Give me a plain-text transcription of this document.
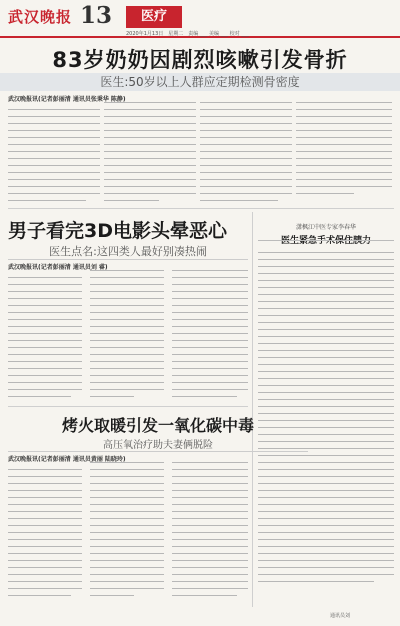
武汉晚报 13	医疗
2020年1月13日　星期二　责编 ___ 美编 ___ 校对 ___
83岁奶奶因剧烈咳嗽引发骨折
医生:50岁以上人群应定期检测骨密度
武汉晚报讯(记者彭丽清 通讯员张秉华 陈静)
男子看完3D电影头晕恶心
医生点名:这四类人最好别凑热闹
武汉晚报讯(记者彭丽清 通讯员刘 睿)
潇枫江中医专家李春华
医生紧急手术保住胰力
烤火取暖引发一氧化碳中毒
高压氧治疗助夫妻俩脱险
武汉晚报讯(记者彭丽清 通讯员黄丽 陆晓玲)
通讯员刘
